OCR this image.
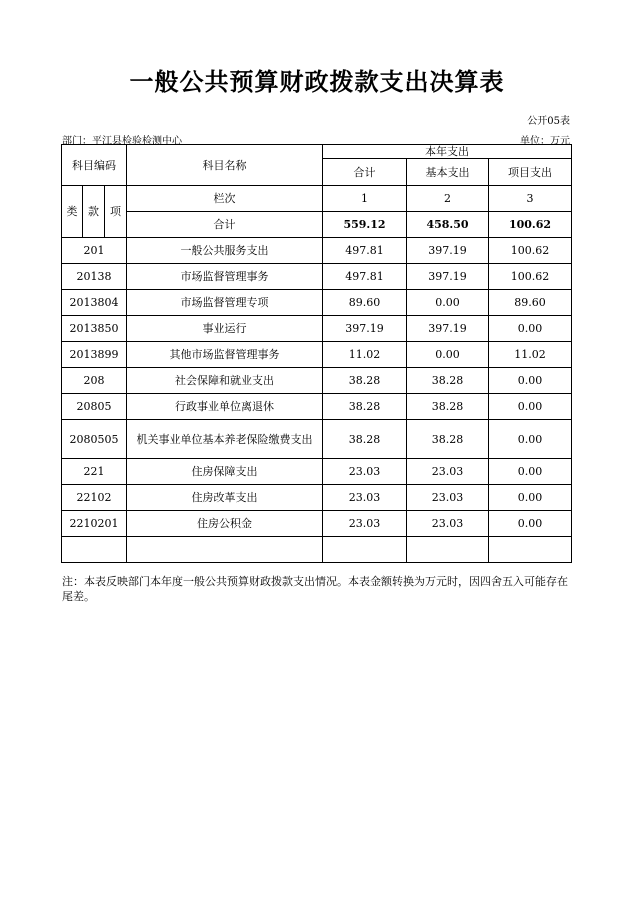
一般公共预算财政拨款支出决算表
公开05表
部门：平江县检验检测中心	单位：万元
科目编码			科目名称	本年支出		
				合计	基本支出	项目支出
类	款	项	栏次	1	2	3
			合计	559.12	458.50	100.62
201			一般公共服务支出	497.81	397.19	100.62
20138			市场监督管理事务	497.81	397.19	100.62
2013804			市场监督管理专项	89.60	0.00	89.60
2013850			事业运行	397.19	397.19	0.00
2013899			其他市场监督管理事务	11.02	0.00	11.02
208			社会保障和就业支出	38.28	38.28	0.00
20805			行政事业单位离退休	38.28	38.28	0.00
2080505			机关事业单位基本养老保险缴费支出	38.28	38.28	0.00
221			住房保障支出	23.03	23.03	0.00
22102			住房改革支出	23.03	23.03	0.00
2210201			住房公积金	23.03	23.03	0.00

注：本表反映部门本年度一般公共预算财政拨款支出情况。本表金额转换为万元时，因四舍五入可能存在尾差。
